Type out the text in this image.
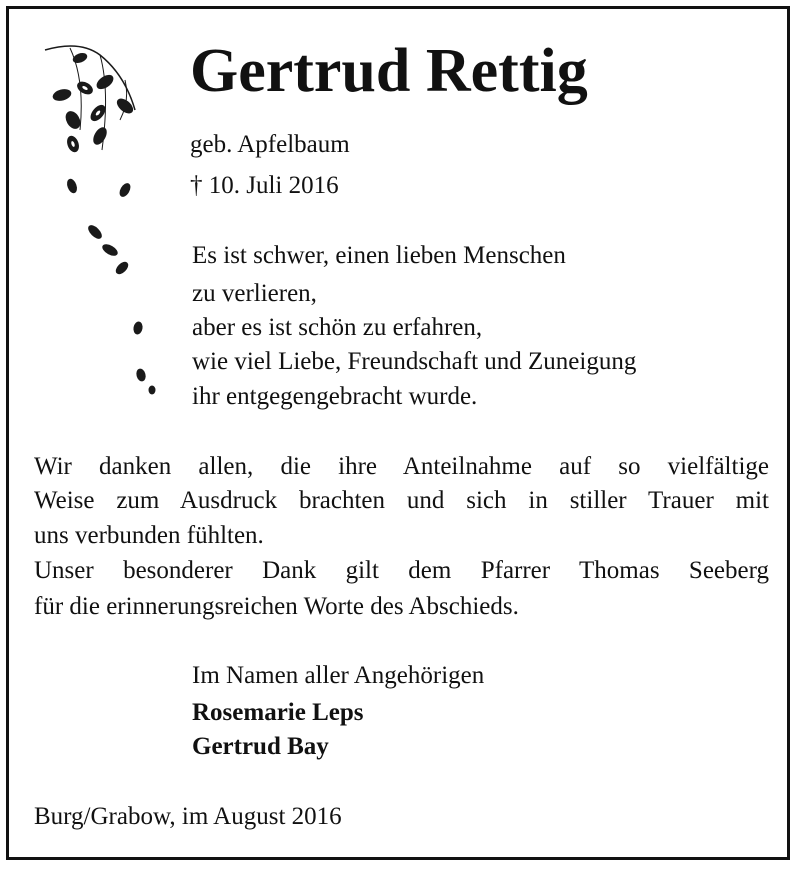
Gertrud Rettig
geb. Apfelbaum
† 10. Juli 2016
Es ist schwer, einen lieben Menschen
zu verlieren,
aber es ist schön zu erfahren,
wie viel Liebe, Freundschaft und Zuneigung
ihr entgegengebracht wurde.
Wir danken allen, die ihre Anteilnahme auf so vielfältige
Weise zum Ausdruck brachten und sich in stiller Trauer mit
uns verbunden fühlten.
Unser besonderer Dank gilt dem Pfarrer Thomas Seeberg
für die erinnerungsreichen Worte des Abschieds.
Im Namen aller Angehörigen
Rosemarie Leps
Gertrud Bay
Burg/Grabow, im August 2016
